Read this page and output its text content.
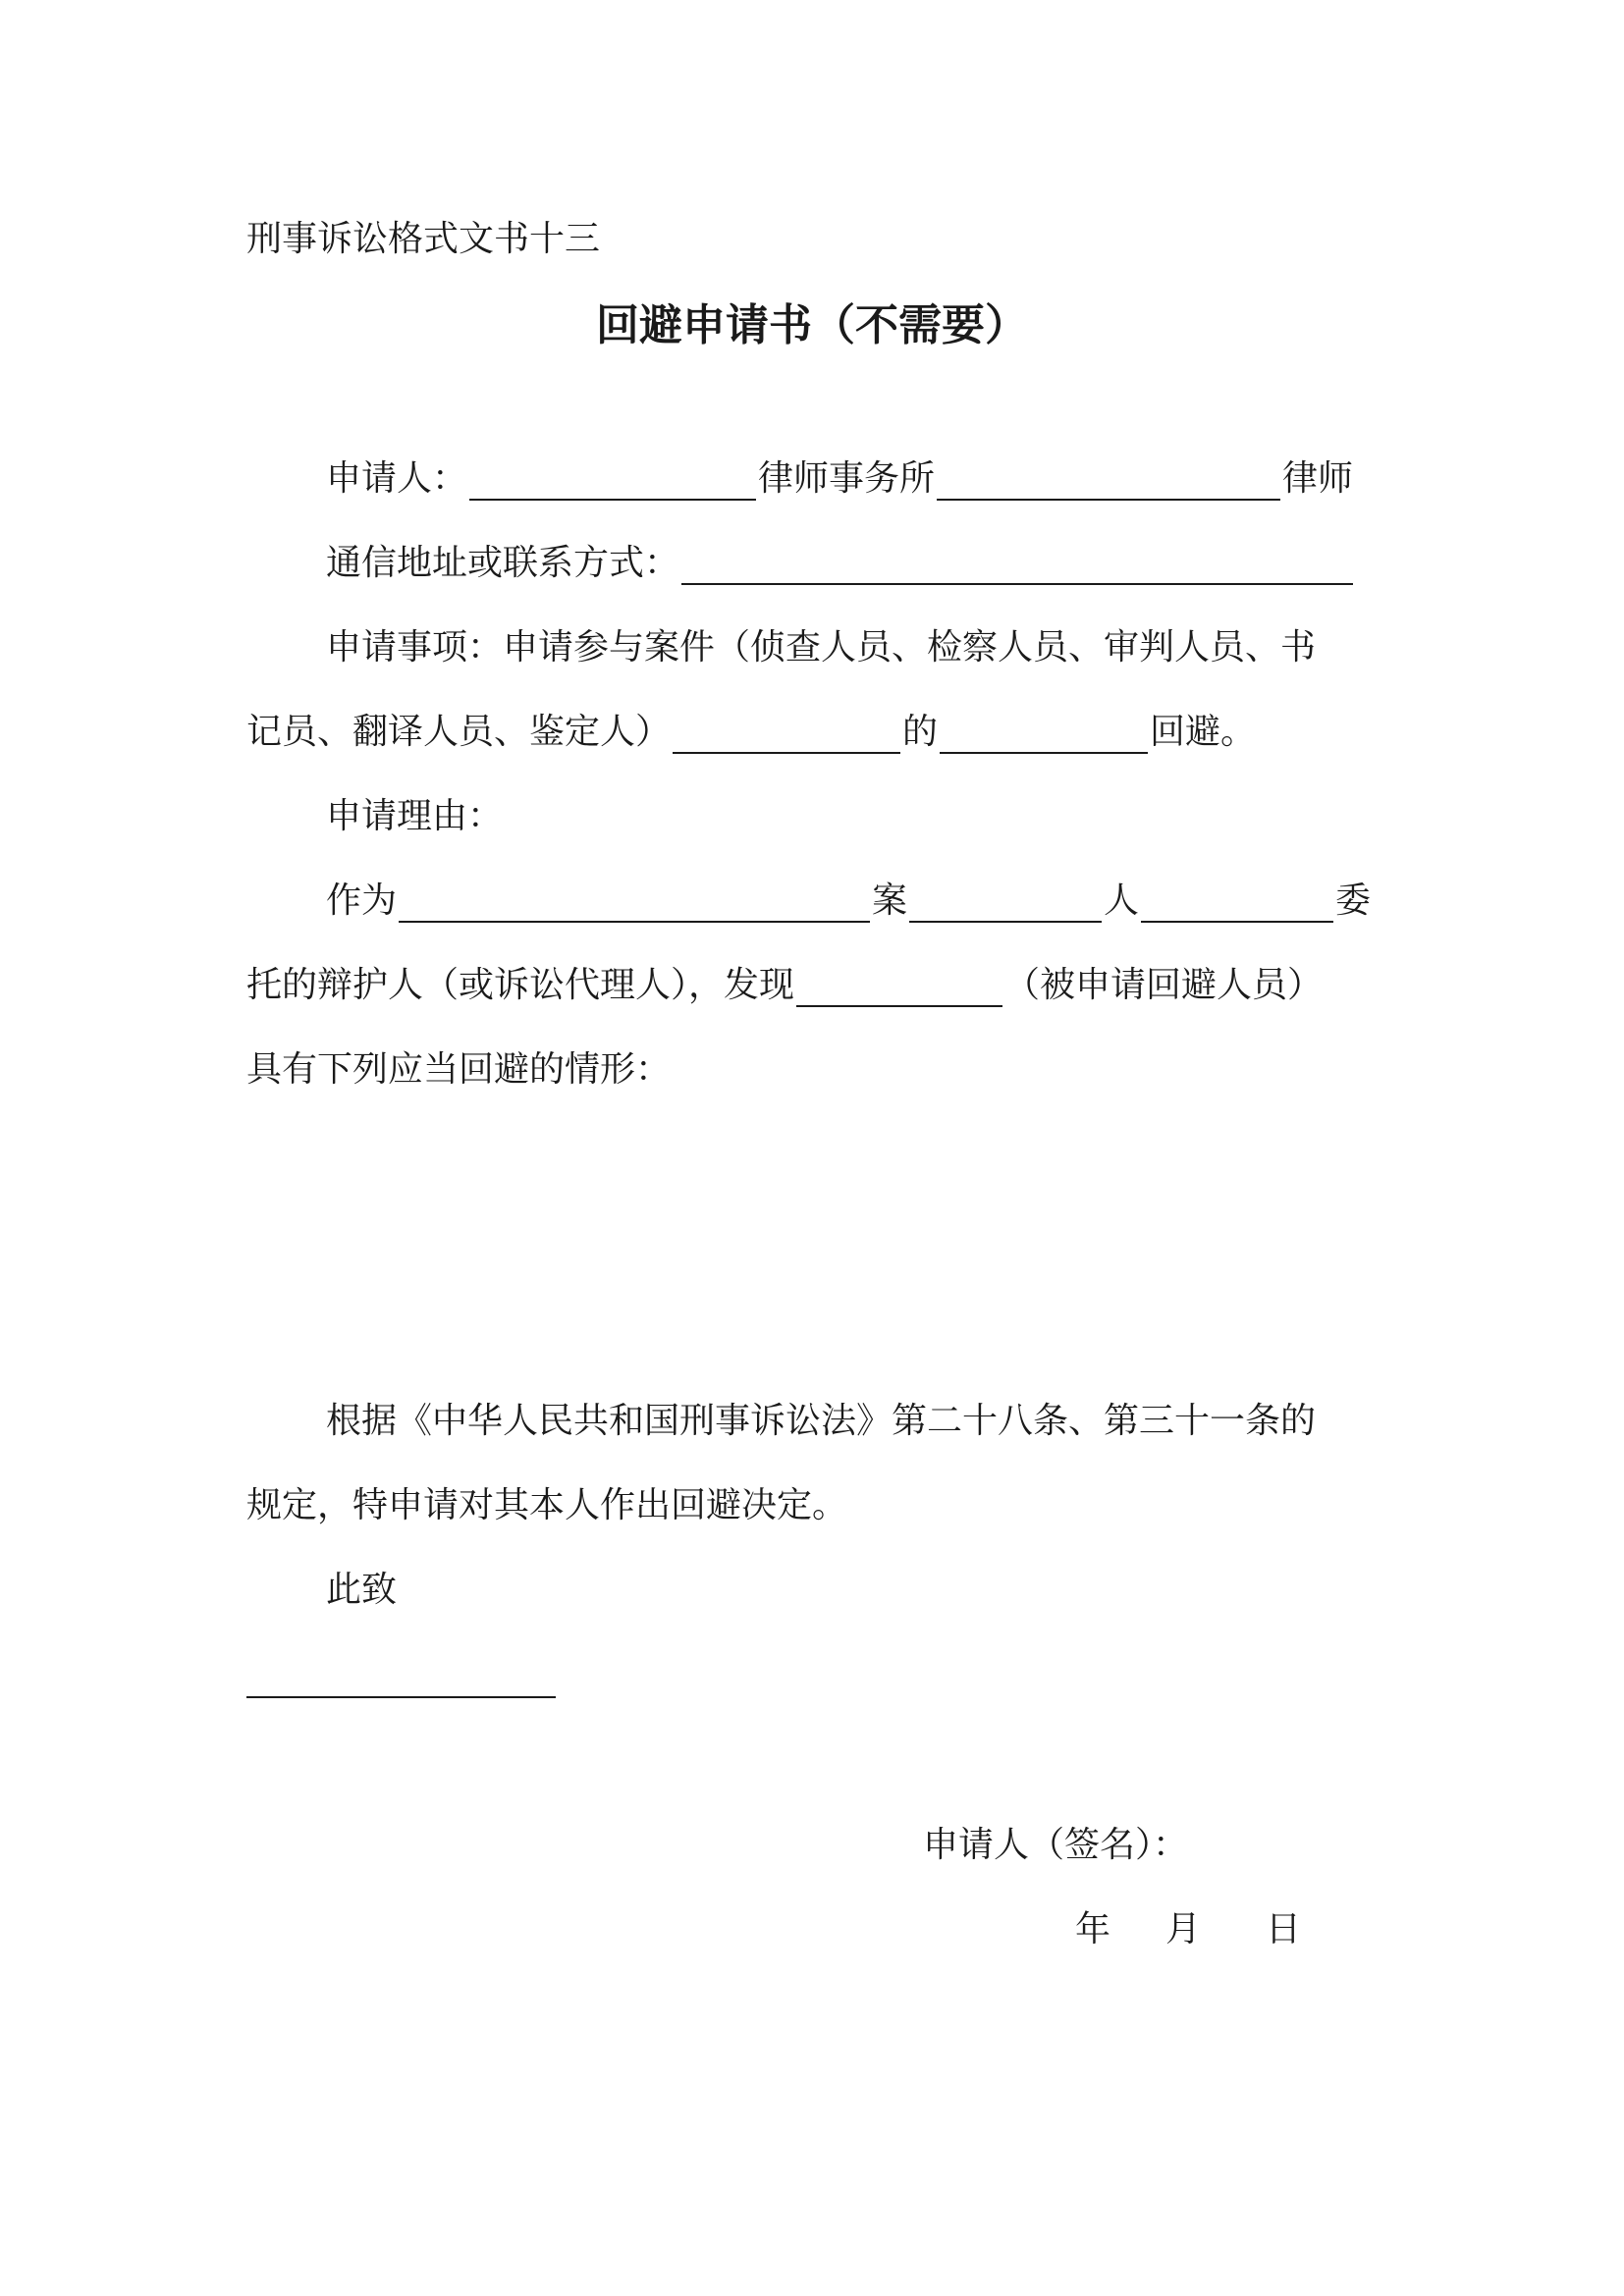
刑事诉讼格式文书十三
回避申请书（不需要）
申请人：	律师事务所	律师
通信地址或联系方式：
申请事项：申请参与案件（侦查人员、检察人员、审判人员、书
记员、翻译人员、鉴定人）	的	回避。
申请理由：
作为	案	人	委
托的辩护人（或诉讼代理人），发现	（被申请回避人员）
具有下列应当回避的情形：
根据《中华人民共和国刑事诉讼法》第二十八条、第三十一条的
规定，特申请对其本人作出回避决定。
此致
申请人（签名）：
年 月 日
